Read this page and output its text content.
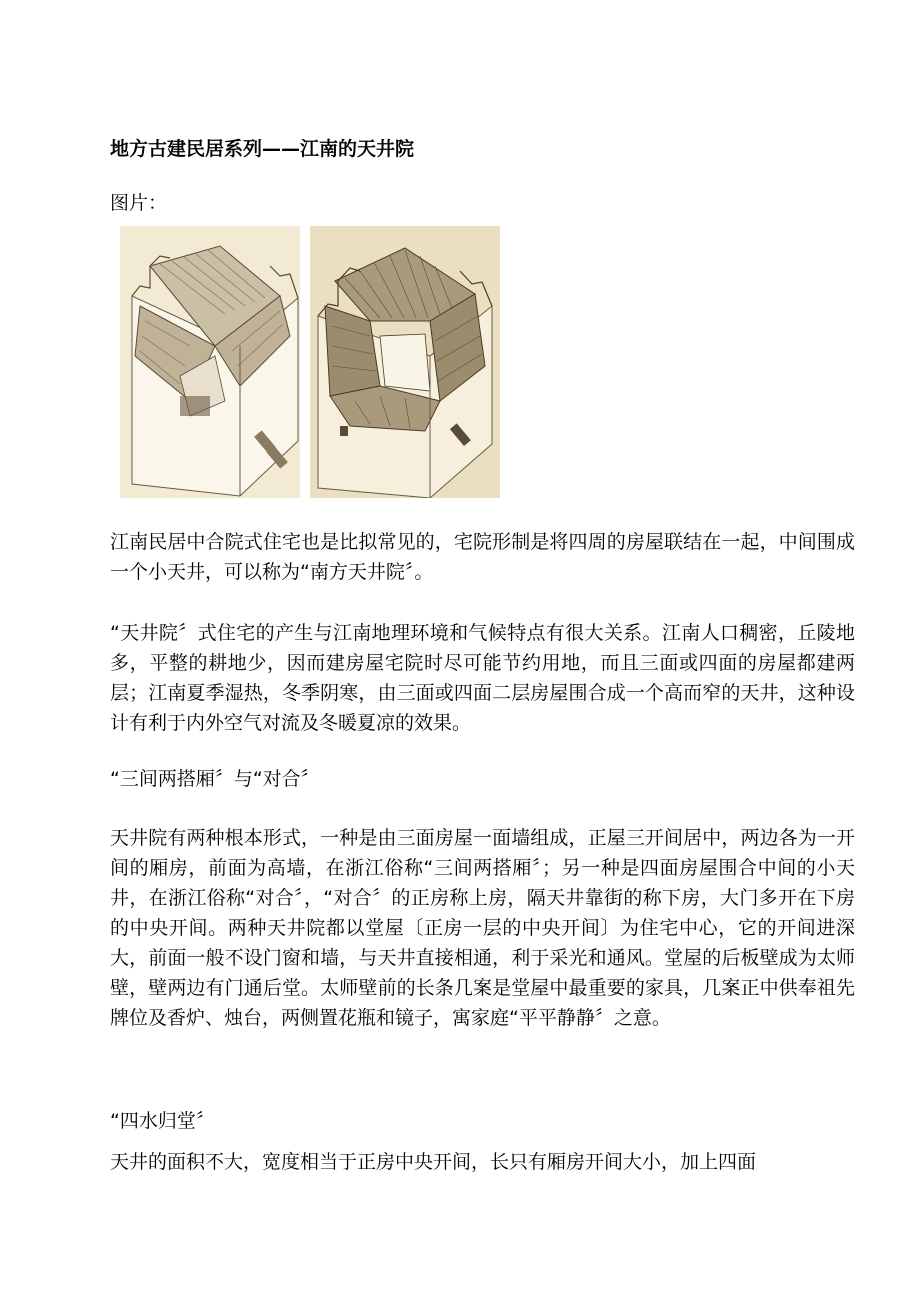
地方古建民居系列——江南的天井院
图片：

江南民居中合院式住宅也是比拟常见的，宅院形制是将四周的房屋联结在一起，中间围成一个小天井，可以称为“南方天井院〞。

“天井院〞式住宅的产生与江南地理环境和气候特点有很大关系。江南人口稠密，丘陵地多，平整的耕地少，因而建房屋宅院时尽可能节约用地，而且三面或四面的房屋都建两层；江南夏季湿热，冬季阴寒，由三面或四面二层房屋围合成一个高而窄的天井，这种设计有利于内外空气对流及冬暖夏凉的效果。

“三间两搭厢〞与“对合〞

天井院有两种根本形式，一种是由三面房屋一面墙组成，正屋三开间居中，两边各为一开间的厢房，前面为高墙，在浙江俗称“三间两搭厢〞；另一种是四面房屋围合中间的小天井，在浙江俗称“对合〞，“对合〞的正房称上房，隔天井靠街的称下房，大门多开在下房的中央开间。两种天井院都以堂屋〔正房一层的中央开间〕为住宅中心，它的开间进深大，前面一般不设门窗和墙，与天井直接相通，利于采光和通风。堂屋的后板壁成为太师壁，壁两边有门通后堂。太师壁前的长条几案是堂屋中最重要的家具，几案正中供奉祖先牌位及香炉、烛台，两侧置花瓶和镜子，寓家庭“平平静静〞之意。

“四水归堂〞

天井的面积不大，宽度相当于正房中央开间，长只有厢房开间大小，加上四面
